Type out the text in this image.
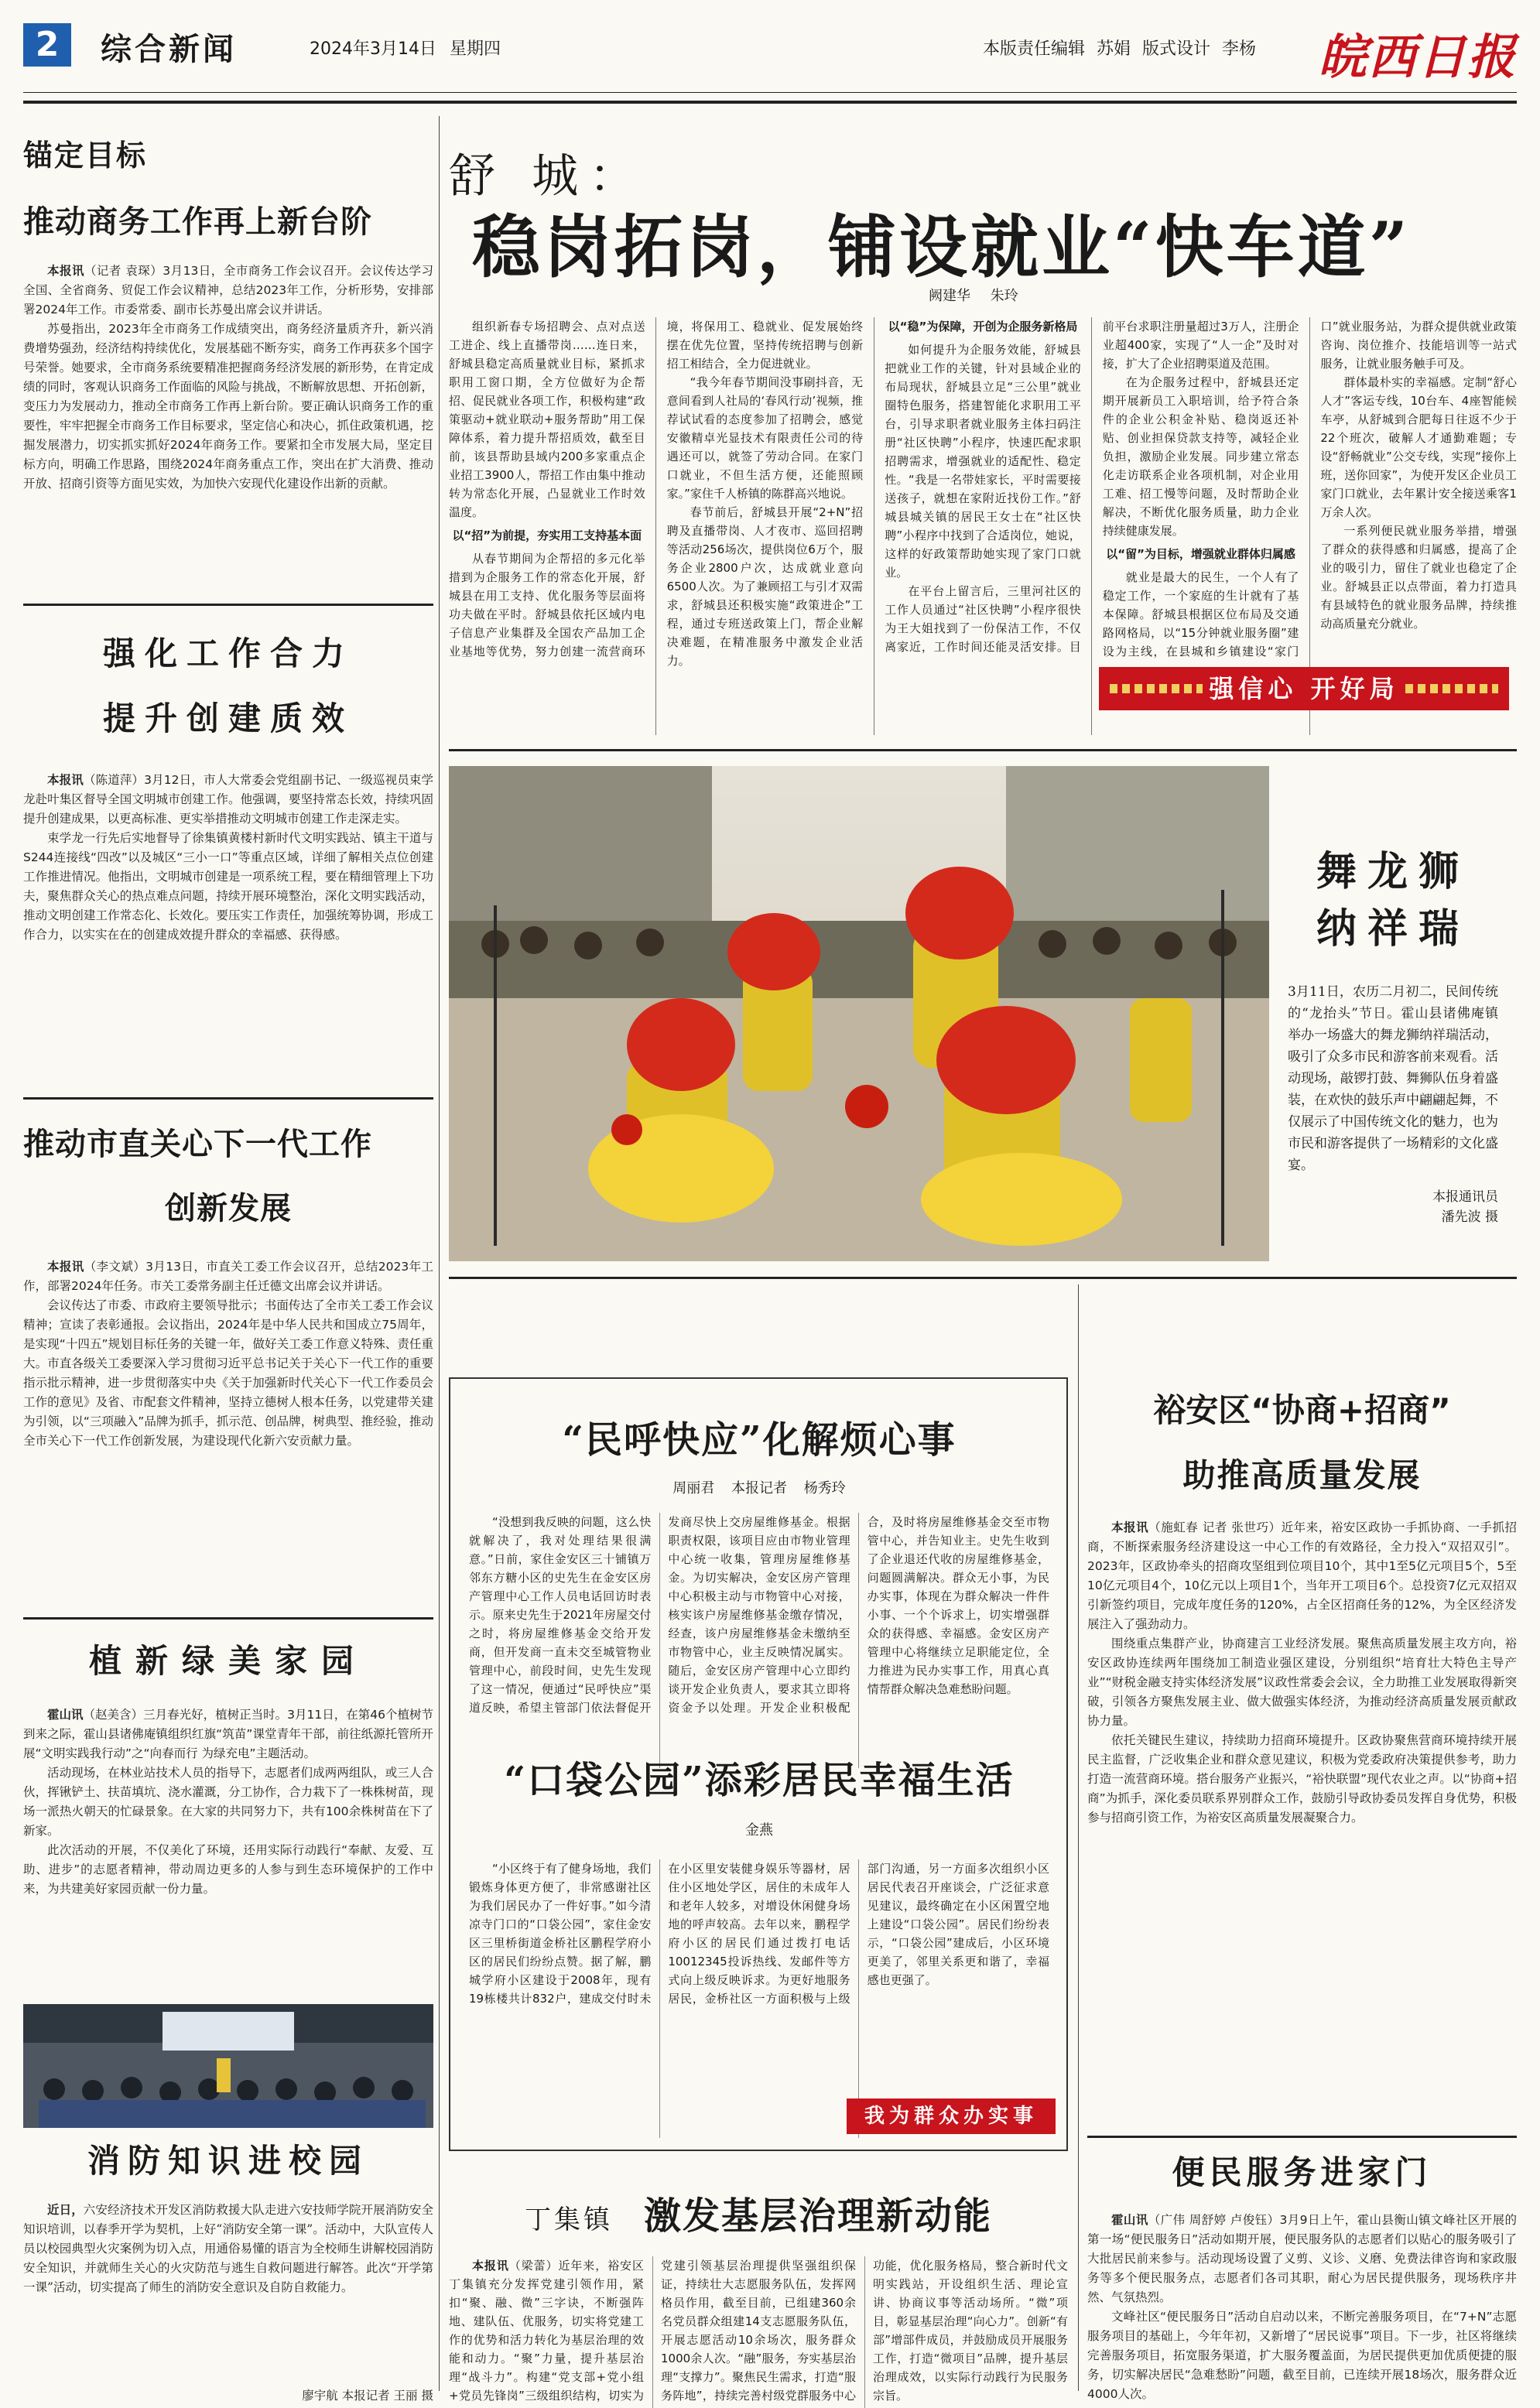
2	综合新闻	2024年3月14日 星期四	本版责任编辑 苏娟 版式设计 李杨 皖西日报
锚定目标
推动商务工作再上新台阶

本报讯（记者 袁琛）3月13日，全市商务工作会议召开。会议传达学习全国、全省商务、贸促工作会议精神，总结2023年工作，分析形势，安排部署2024年工作。市委常委、副市长苏曼出席会议并讲话。

苏曼指出，2023年全市商务工作成绩突出，商务经济量质齐升，新兴消费增势强劲，经济结构持续优化，发展基础不断夯实，商务工作再获多个国字号荣誉。她要求，全市商务系统要精准把握商务经济发展的新形势，在肯定成绩的同时，客观认识商务工作面临的风险与挑战，不断解放思想、开拓创新，变压力为发展动力，推动全市商务工作再上新台阶。要正确认识商务工作的重要性，牢牢把握全市商务工作目标要求，坚定信心和决心，抓住政策机遇，挖掘发展潜力，切实抓实抓好2024年商务工作。要紧扣全市发展大局，坚定目标方向，明确工作思路，围绕2024年商务重点工作，突出在扩大消费、推动开放、招商引资等方面见实效，为加快六安现代化建设作出新的贡献。

强化工作合力
提升创建质效

本报讯（陈道萍）3月12日，市人大常委会党组副书记、一级巡视员束学龙赴叶集区督导全国文明城市创建工作。他强调，要坚持常态长效，持续巩固提升创建成果，以更高标准、更实举措推动文明城市创建工作走深走实。

束学龙一行先后实地督导了徐集镇黄楼村新时代文明实践站、镇主干道与S244连接线“四改”以及城区“三小一口”等重点区域，详细了解相关点位创建工作推进情况。他指出，文明城市创建是一项系统工程，要在精细管理上下功夫，聚焦群众关心的热点难点问题，持续开展环境整治，深化文明实践活动，推动文明创建工作常态化、长效化。要压实工作责任，加强统筹协调，形成工作合力，以实实在在的创建成效提升群众的幸福感、获得感。

推动市直关心下一代工作
创新发展

本报讯（李文斌）3月13日，市直关工委工作会议召开，总结2023年工作，部署2024年任务。市关工委常务副主任迁德文出席会议并讲话。

会议传达了市委、市政府主要领导批示；书面传达了全市关工委工作会议精神；宣读了表彰通报。会议指出，2024年是中华人民共和国成立75周年，是实现“十四五”规划目标任务的关键一年，做好关工委工作意义特殊、责任重大。市直各级关工委要深入学习贯彻习近平总书记关于关心下一代工作的重要指示批示精神，进一步贯彻落实中央《关于加强新时代关心下一代工作委员会工作的意见》及省、市配套文件精神，坚持立德树人根本任务，以党建带关建为引领，以“三项融入”品牌为抓手，抓示范、创品牌，树典型、推经验，推动全市关心下一代工作创新发展，为建设现代化新六安贡献力量。

植新绿美家园

霍山讯（赵美含）三月春光好，植树正当时。3月11日，在第46个植树节到来之际，霍山县诸佛庵镇组织红旗“筑苗”课堂青年干部，前往纸源托管所开展“文明实践我行动”之“向春而行 为绿充电”主题活动。

活动现场，在林业站技术人员的指导下，志愿者们成两两组队，或三人合伙，挥锹铲土、扶苗填坑、浇水灌溉，分工协作，合力栽下了一株株树苗，现场一派热火朝天的忙碌景象。在大家的共同努力下，共有100余株树苗在下了新家。

此次活动的开展，不仅美化了环境，还用实际行动践行“奉献、友爱、互助、进步”的志愿者精神，带动周边更多的人参与到生态环境保护的工作中来，为共建美好家园贡献一份力量。

消防知识进校园

近日，六安经济技术开发区消防救援大队走进六安技师学院开展消防安全知识培训，以春季开学为契机，上好“消防安全第一课”。活动中，大队宣传人员以校园典型火灾案例为切入点，用通俗易懂的语言为全校师生讲解校园消防安全知识，并就师生关心的火灾防范与逃生自救问题进行解答。此次“开学第一课”活动，切实提高了师生的消防安全意识及自防自救能力。

廖宇航 本报记者 王丽 摄
舒 城：
稳岗拓岗，铺设就业“快车道”
阙建华 朱玲

组织新春专场招聘会、点对点送工进企、线上直播带岗……连日来，舒城县稳定高质量就业目标，紧抓求职用工窗口期，全方位做好为企帮招、促民就业各项工作，积极构建“政策驱动+就业联动+服务帮助”用工保障体系，着力提升帮招质效，截至目前，该县帮助县域内200多家重点企业招工3900人，帮招工作由集中推动转为常态化开展，凸显就业工作时效温度。

以“招”为前提，夯实用工支持基本面

从春节期间为企帮招的多元化举措到为企服务工作的常态化开展，舒城县在用工支持、优化服务等层面将功夫做在平时。舒城县依托区域内电子信息产业集群及全国农产品加工企业基地等优势，努力创建一流营商环境，将保用工、稳就业、促发展始终摆在优先位置，坚持传统招聘与创新招工相结合，全力促进就业。

“我今年春节期间没事刷抖音，无意间看到人社局的‘春风行动’视频，推荐试试看的态度参加了招聘会，感觉安徽精卓光显技术有限责任公司的待遇还可以，就签了劳动合同。在家门口就业，不但生活方便，还能照顾家。”家住千人桥镇的陈群高兴地说。

春节前后，舒城县开展“2+N”招聘及直播带岗、人才夜市、巡回招聘等活动256场次，提供岗位6万个，服务企业2800户次，达成就业意向6500人次。为了兼顾招工与引才双需求，舒城县还积极实施“政策进企”工程，通过专班送政策上门，帮企业解决难题，在精准服务中激发企业活力。

以“稳”为保障，开创为企服务新格局

如何提升为企服务效能，舒城县把就业工作的关键，针对县域企业的布局现状，舒城县立足“三公里”就业圈特色服务，搭建智能化求职用工平台，引导求职者就业服务主体扫码注册“社区快聘”小程序，快速匹配求职招聘需求，增强就业的适配性、稳定性。“我是一名带娃家长，平时需要接送孩子，就想在家附近找份工作。”舒城县城关镇的居民王女士在“社区快聘”小程序中找到了合适岗位，她说，这样的好政策帮助她实现了家门口就业。

在平台上留言后，三里河社区的工作人员通过“社区快聘”小程序很快为王大姐找到了一份保洁工作，不仅离家近，工作时间还能灵活安排。目前平台求职注册量超过3万人，注册企业超400家，实现了“人一企”及时对接，扩大了企业招聘渠道及范围。

在为企服务过程中，舒城县还定期开展新员工入职培训，给予符合条件的企业公积金补贴、稳岗返还补贴、创业担保贷款支持等，减轻企业负担，激励企业发展。同步建立常态化走访联系企业各项机制，对企业用工难、招工慢等问题，及时帮助企业解决，不断优化服务质量，助力企业持续健康发展。

以“留”为目标，增强就业群体归属感

就业是最大的民生，一个人有了稳定工作，一个家庭的生计就有了基本保障。舒城县根据区位布局及交通路网格局，以“15分钟就业服务圈”建设为主线，在县城和乡镇建设“家门口”就业服务站，为群众提供就业政策咨询、岗位推介、技能培训等一站式服务，让就业服务触手可及。

群体最朴实的幸福感。定制“舒心人才”客运专线，10台车、4座智能候车亭，从舒城到合肥每日往返不少于22个班次，破解人才通勤难题；专设“舒畅就业”公交专线，实现“接你上班，送你回家”，为使开发区企业员工家门口就业，去年累计安全接送乘客1万余人次。

一系列便民就业服务举措，增强了群众的获得感和归属感，提高了企业的吸引力，留住了就业也稳定了企业。舒城县正以点带面，着力打造具有县域特色的就业服务品牌，持续推动高质量充分就业。

强信心 开好局
舞龙狮
纳祥瑞
3月11日，农历二月初二，民间传统的“龙抬头”节日。霍山县诸佛庵镇举办一场盛大的舞龙狮纳祥瑞活动，吸引了众多市民和游客前来观看。活动现场，敲锣打鼓、舞狮队伍身着盛装，在欢快的鼓乐声中翩翩起舞，不仅展示了中国传统文化的魅力，也为市民和游客提供了一场精彩的文化盛宴。
本报通讯员
潘先波 摄
“民呼快应”化解烦心事
周丽君 本报记者 杨秀玲

“没想到我反映的问题，这么快就解决了，我对处理结果很满意。”日前，家住金安区三十铺镇万邻东方糖小区的史先生在金安区房产管理中心工作人员电话回访时表示。原来史先生于2021年房屋交付之时，将房屋维修基金交给开发商，但开发商一直未交至城管物业管理中心，前段时间，史先生发现了这一情况，便通过“民呼快应”渠道反映，希望主管部门依法督促开发商尽快上交房屋维修基金。根据职责权限，该项目应由市物业管理中心统一收集，管理房屋维修基金。为切实解决，金安区房产管理中心积极主动与市物管中心对接，核实该户房屋维修基金缴存情况，经查，该户房屋维修基金未缴纳至市物管中心，业主反映情况属实。随后，金安区房产管理中心立即约谈开发企业负责人，要求其立即将资金予以处理。开发企业积极配合，及时将房屋维修基金交至市物管中心，并告知业主。史先生收到了企业退还代收的房屋维修基金，问题圆满解决。群众无小事，为民办实事，体现在为群众解决一件件小事、一个个诉求上，切实增强群众的获得感、幸福感。金安区房产管理中心将继续立足职能定位，全力推进为民办实事工作，用真心真情帮群众解决急难愁盼问题。

“口袋公园”添彩居民幸福生活
金燕

“小区终于有了健身场地，我们锻炼身体更方便了，非常感谢社区为我们居民办了一件好事。”如今清凉寺门口的“口袋公园”，家住金安区三里桥街道金桥社区鹏程学府小区的居民们纷纷点赞。据了解，鹏城学府小区建设于2008年，现有19栋楼共计832户，建成交付时未在小区里安装健身娱乐等器材，居住小区地处学区，居住的未成年人和老年人较多，对增设休闲健身场地的呼声较高。去年以来，鹏程学府小区的居民们通过拨打电话10012345投诉热线、发邮件等方式向上级反映诉求。为更好地服务居民，金桥社区一方面积极与上级部门沟通，另一方面多次组织小区居民代表召开座谈会，广泛征求意见建议，最终确定在小区闲置空地上建设“口袋公园”。居民们纷纷表示，“口袋公园”建成后，小区环境更美了，邻里关系更和谐了，幸福感也更强了。

我为群众办实事
丁集镇 激发基层治理新动能

本报讯（梁蕾）近年来，裕安区丁集镇充分发挥党建引领作用，紧扣“聚、融、微”三字诀，不断强阵地、建队伍、优服务，切实将党建工作的优势和活力转化为基层治理的效能和动力。“聚”力量，提升基层治理“战斗力”。构建“党支部+党小组+党员先锋岗”三级组织结构，切实为党建引领基层治理提供坚强组织保证，持续壮大志愿服务队伍，发挥网格员作用，截至目前，已组建360余名党员群众组建14支志愿服务队伍，开展志愿活动10余场次，服务群众1000余人次。“融”服务，夯实基层治理“支撑力”。聚焦民生需求，打造“服务阵地”，持续完善村级党群服务中心功能，优化服务格局，整合新时代文明实践站，开设组织生活、理论宣讲、协商议事等活动场所。“微”项目，彰显基层治理“向心力”。创新“有部”增部件成员，并鼓励成员开展服务工作，打造“微项目”品牌，提升基层治理成效，以实际行动践行为民服务宗旨。

裕安区“协商+招商”
助推高质量发展

本报讯（施虹春 记者 张世巧）近年来，裕安区政协一手抓协商、一手抓招商，不断探索服务经济建设这一中心工作的有效路径，全力投入“双招双引”。2023年，区政协牵头的招商攻坚组到位项目10个，其中1至5亿元项目5个，5至10亿元项目4个，10亿元以上项目1个，当年开工项目6个。总投资7亿元双招双引新签约项目，完成年度任务的120%，占全区招商任务的12%，为全区经济发展注入了强劲动力。

围绕重点集群产业，协商建言工业经济发展。聚焦高质量发展主攻方向，裕安区政协连续两年围绕加工制造业强区建设，分别组织“培育壮大特色主导产业”“财税金融支持实体经济发展”议政性常委会会议，全力助推工业发展取得新突破，引领各方聚焦发展主业、做大做强实体经济，为推动经济高质量发展贡献政协力量。

依托关键民生建议，持续助力招商环境提升。区政协聚焦营商环境持续开展民主监督，广泛收集企业和群众意见建议，积极为党委政府决策提供参考，助力打造一流营商环境。搭台服务产业振兴，“裕快联盟”现代农业之声。以“协商+招商”为抓手，深化委员联系界别群众工作，鼓励引导政协委员发挥自身优势，积极参与招商引资工作，为裕安区高质量发展凝聚合力。

便民服务进家门

霍山讯（广伟 周舒婷 卢俊钰）3月9日上午，霍山县衡山镇文峰社区开展的第一场“便民服务日”活动如期开展，便民服务队的志愿者们以贴心的服务吸引了大批居民前来参与。活动现场设置了义剪、义诊、义磨、免费法律咨询和家政服务等多个便民服务点，志愿者们各司其职，耐心为居民提供服务，现场秩序井然、气氛热烈。

文峰社区“便民服务日”活动自启动以来，不断完善服务项目，在“7+N”志愿服务项目的基础上，今年年初，又新增了“居民说事”项目。下一步，社区将继续完善服务项目，拓宽服务渠道，扩大服务覆盖面，为居民提供更加优质便捷的服务，切实解决居民“急难愁盼”问题，截至目前，已连续开展18场次，服务群众近4000人次。
